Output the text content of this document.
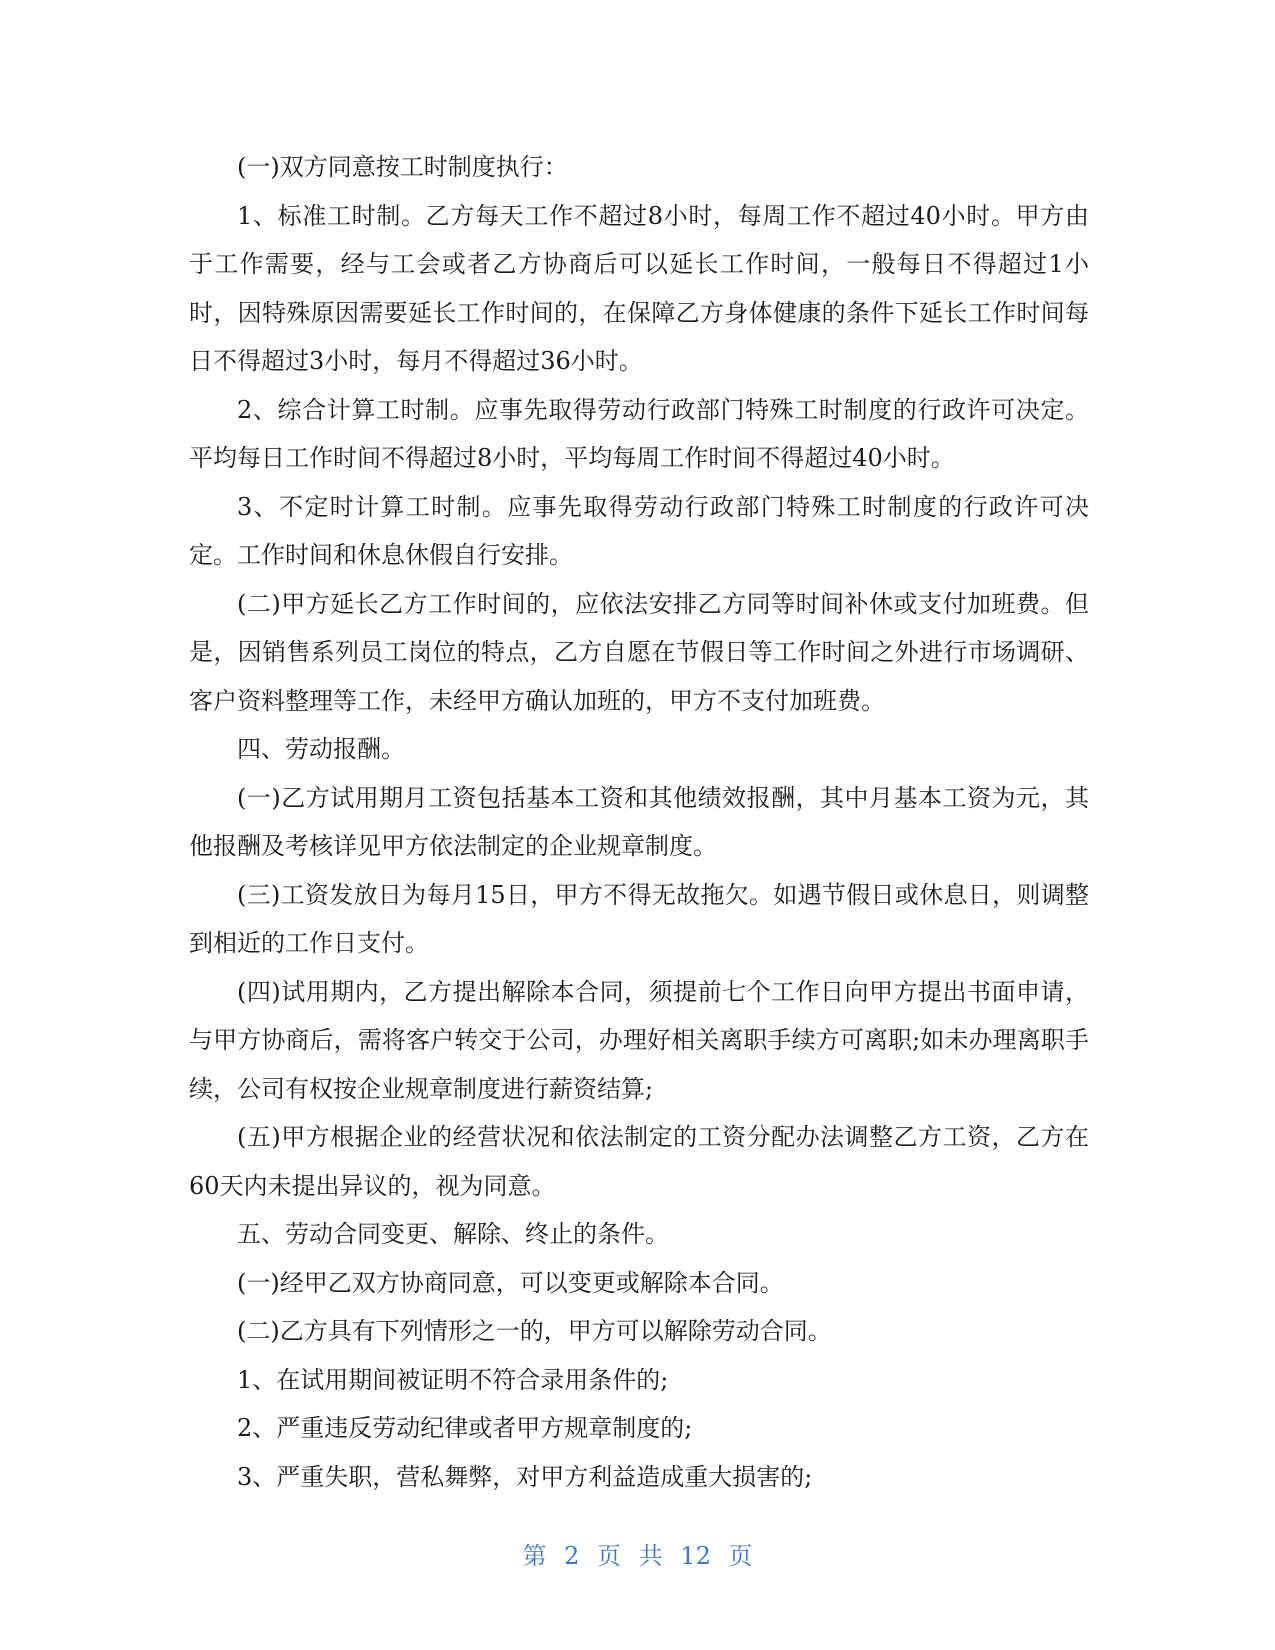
(一)双方同意按工时制度执行：

1、标准工时制。乙方每天工作不超过8小时，每周工作不超过40小时。甲方由于工作需要，经与工会或者乙方协商后可以延长工作时间，一般每日不得超过1小时，因特殊原因需要延长工作时间的，在保障乙方身体健康的条件下延长工作时间每日不得超过3小时，每月不得超过36小时。

2、综合计算工时制。应事先取得劳动行政部门特殊工时制度的行政许可决定。平均每日工作时间不得超过8小时，平均每周工作时间不得超过40小时。

3、不定时计算工时制。应事先取得劳动行政部门特殊工时制度的行政许可决定。工作时间和休息休假自行安排。

(二)甲方延长乙方工作时间的，应依法安排乙方同等时间补休或支付加班费。但是，因销售系列员工岗位的特点，乙方自愿在节假日等工作时间之外进行市场调研、客户资料整理等工作，未经甲方确认加班的，甲方不支付加班费。

四、劳动报酬。

(一)乙方试用期月工资包括基本工资和其他绩效报酬，其中月基本工资为元，其他报酬及考核详见甲方依法制定的企业规章制度。

(三)工资发放日为每月15日，甲方不得无故拖欠。如遇节假日或休息日，则调整到相近的工作日支付。

(四)试用期内，乙方提出解除本合同，须提前七个工作日向甲方提出书面申请，与甲方协商后，需将客户转交于公司，办理好相关离职手续方可离职;如未办理离职手续，公司有权按企业规章制度进行薪资结算;

(五)甲方根据企业的经营状况和依法制定的工资分配办法调整乙方工资，乙方在60天内未提出异议的，视为同意。

五、劳动合同变更、解除、终止的条件。

(一)经甲乙双方协商同意，可以变更或解除本合同。

(二)乙方具有下列情形之一的，甲方可以解除劳动合同。

1、在试用期间被证明不符合录用条件的;

2、严重违反劳动纪律或者甲方规章制度的;

3、严重失职，营私舞弊，对甲方利益造成重大损害的;

第 2 页 共 12 页
